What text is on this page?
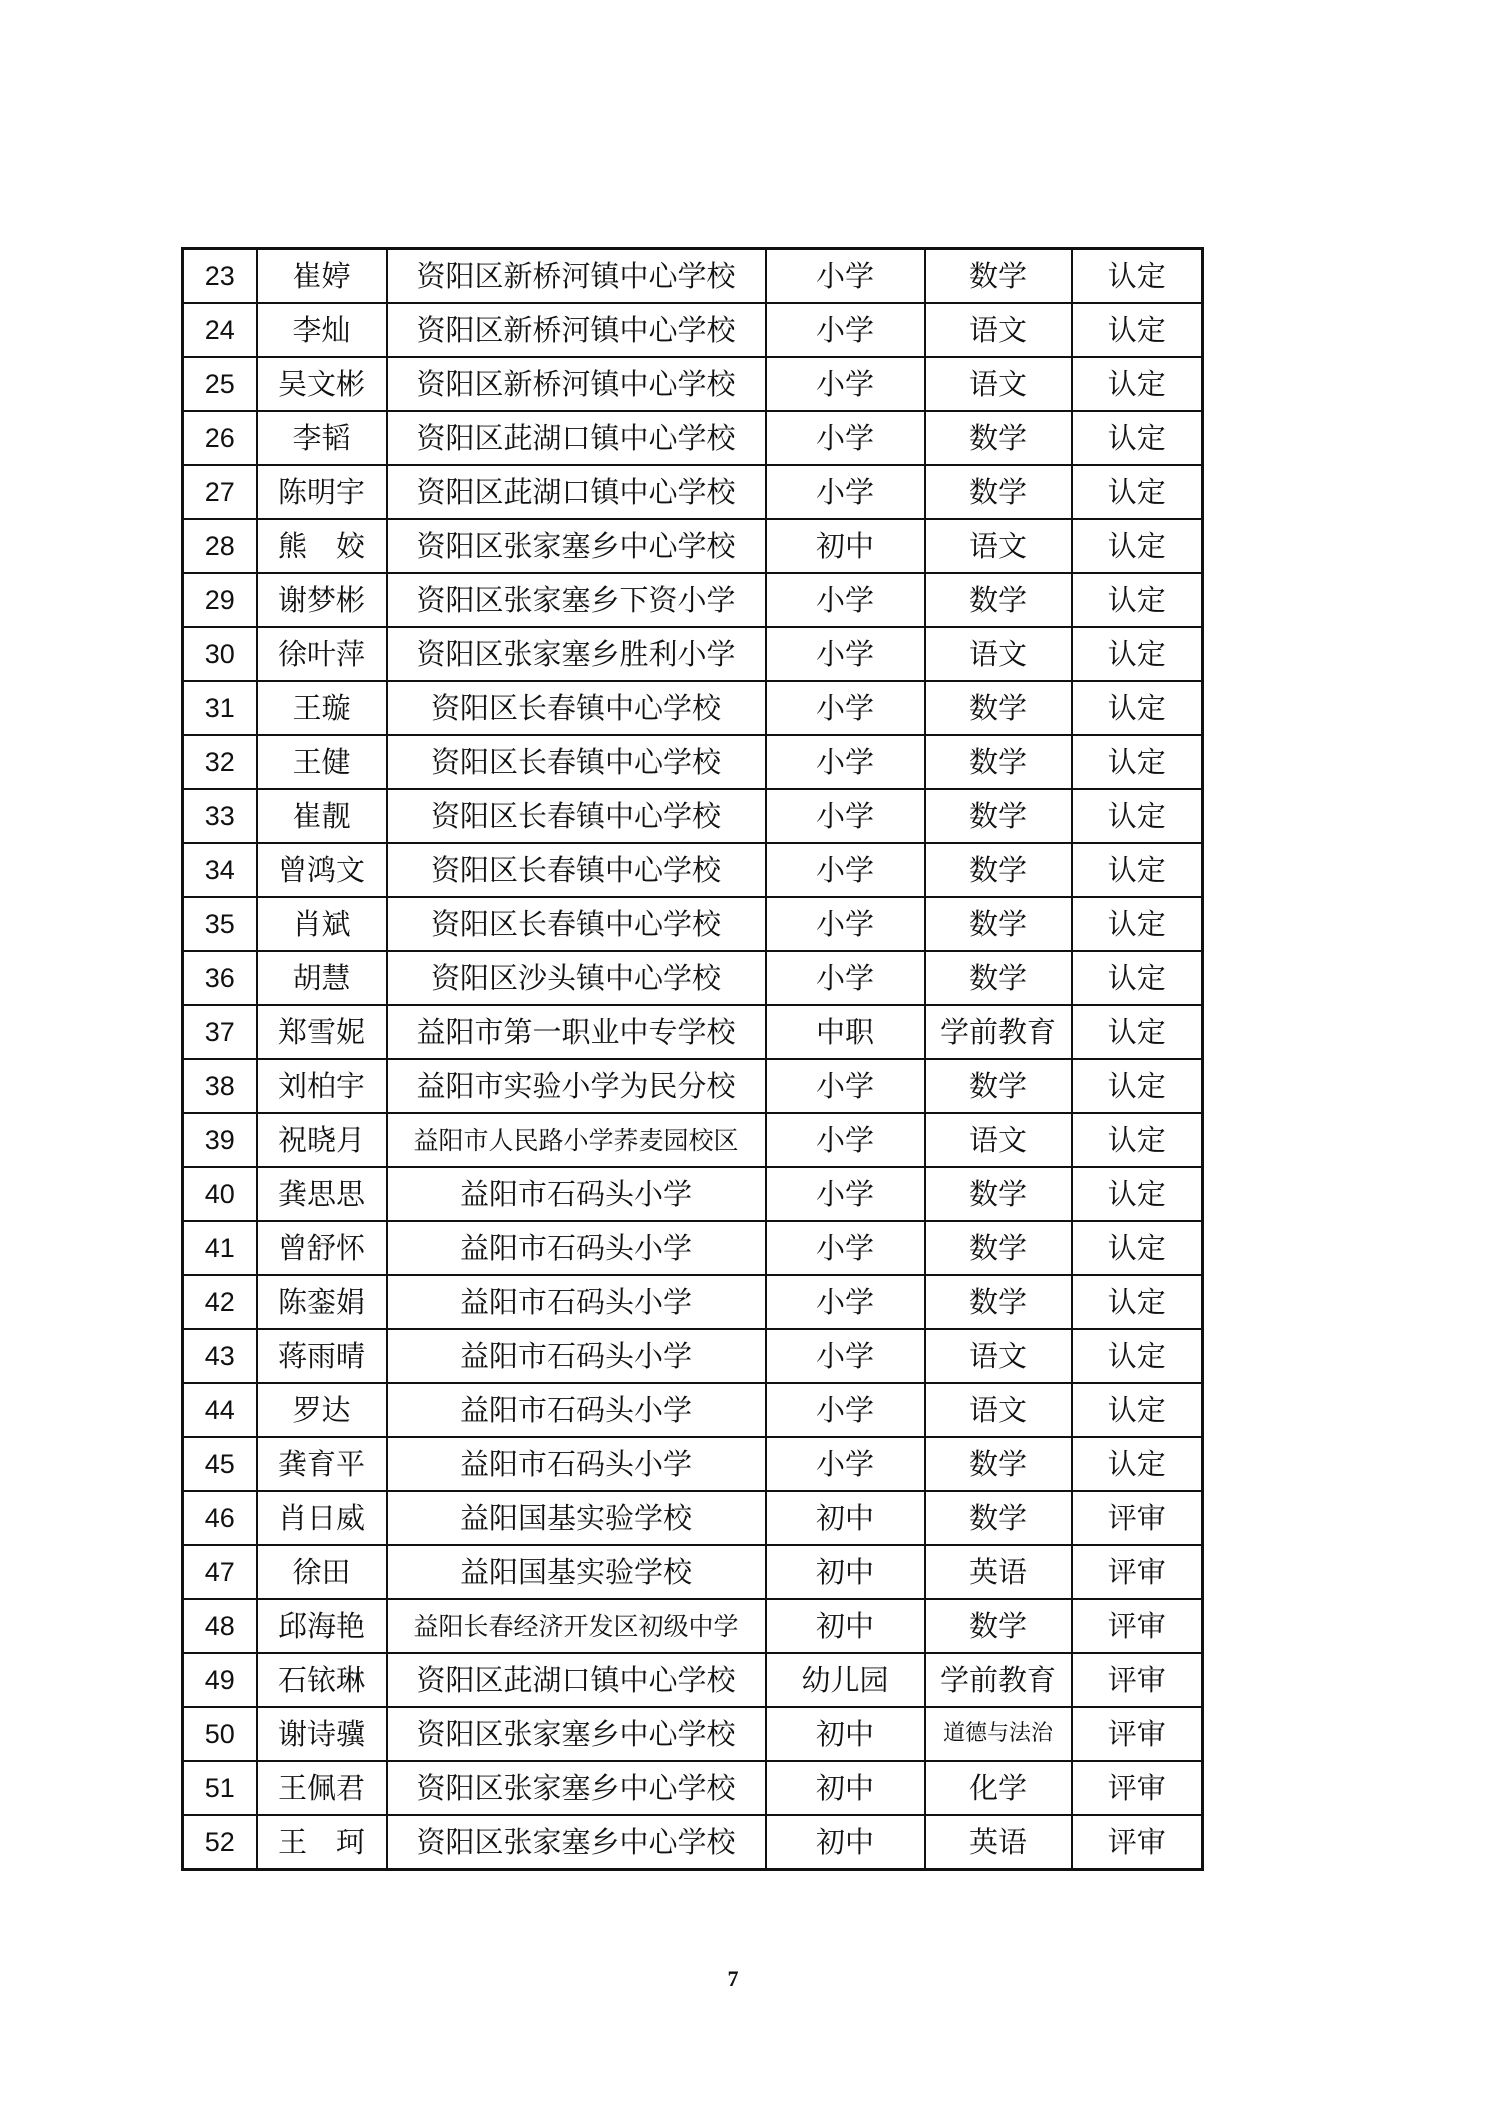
23	崔婷	资阳区新桥河镇中心学校	小学	数学	认定
24	李灿	资阳区新桥河镇中心学校	小学	语文	认定
25	吴文彬	资阳区新桥河镇中心学校	小学	语文	认定
26	李韬	资阳区茈湖口镇中心学校	小学	数学	认定
27	陈明宇	资阳区茈湖口镇中心学校	小学	数学	认定
28	熊　姣	资阳区张家塞乡中心学校	初中	语文	认定
29	谢梦彬	资阳区张家塞乡下资小学	小学	数学	认定
30	徐叶萍	资阳区张家塞乡胜利小学	小学	语文	认定
31	王璇	资阳区长春镇中心学校	小学	数学	认定
32	王健	资阳区长春镇中心学校	小学	数学	认定
33	崔靓	资阳区长春镇中心学校	小学	数学	认定
34	曾鸿文	资阳区长春镇中心学校	小学	数学	认定
35	肖斌	资阳区长春镇中心学校	小学	数学	认定
36	胡慧	资阳区沙头镇中心学校	小学	数学	认定
37	郑雪妮	益阳市第一职业中专学校	中职	学前教育	认定
38	刘柏宇	益阳市实验小学为民分校	小学	数学	认定
39	祝晓月	益阳市人民路小学荞麦园校区	小学	语文	认定
40	龚思思	益阳市石码头小学	小学	数学	认定
41	曾舒怀	益阳市石码头小学	小学	数学	认定
42	陈銮娟	益阳市石码头小学	小学	数学	认定
43	蒋雨晴	益阳市石码头小学	小学	语文	认定
44	罗达	益阳市石码头小学	小学	语文	认定
45	龚育平	益阳市石码头小学	小学	数学	认定
46	肖日威	益阳国基实验学校	初中	数学	评审
47	徐田	益阳国基实验学校	初中	英语	评审
48	邱海艳	益阳长春经济开发区初级中学	初中	数学	评审
49	石铱琳	资阳区茈湖口镇中心学校	幼儿园	学前教育	评审
50	谢诗骥	资阳区张家塞乡中心学校	初中	道德与法治	评审
51	王佩君	资阳区张家塞乡中心学校	初中	化学	评审
52	王　珂	资阳区张家塞乡中心学校	初中	英语	评审
7
